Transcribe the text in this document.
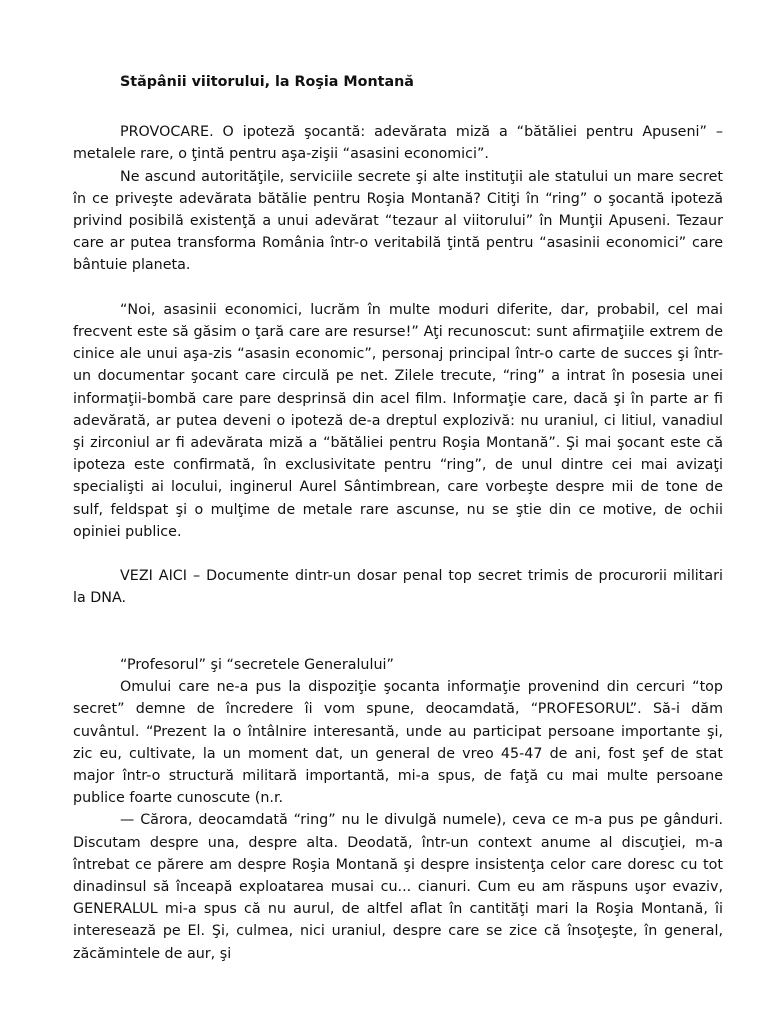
Stăpânii viitorului, la Roşia Montană

PROVOCARE. O ipoteză şocantă: adevărata miză a “bătăliei pentru Apuseni” – metalele rare, o ţintă pentru aşa-zişii “asasini economici”.

Ne ascund autorităţile, serviciile secrete şi alte instituţii ale statului un mare secret în ce priveşte adevărata bătălie pentru Roşia Montană? Citiţi în “ring” o şocantă ipoteză privind posibilă existenţă a unui adevărat “tezaur al viitorului” în Munţii Apuseni. Tezaur care ar putea transforma România într-o veritabilă ţintă pentru “asasinii economici” care bântuie planeta.

“Noi, asasinii economici, lucrăm în multe moduri diferite, dar, probabil, cel mai frecvent este să găsim o ţară care are resurse!” Aţi recunoscut: sunt afirmaţiile extrem de cinice ale unui aşa-zis “asasin economic”, personaj principal într-o carte de succes şi într-un documentar şocant care circulă pe net. Zilele trecute, “ring” a intrat în posesia unei informaţii-bombă care pare desprinsă din acel film. Informaţie care, dacă şi în parte ar fi adevărată, ar putea deveni o ipoteză de-a dreptul explozivă: nu uraniul, ci litiul, vanadiul şi zirconiul ar fi adevărata miză a “bătăliei pentru Roşia Montană”. Şi mai şocant este că ipoteza este confirmată, în exclusivitate pentru “ring”, de unul dintre cei mai avizaţi specialişti ai locului, inginerul Aurel Sântimbrean, care vorbeşte despre mii de tone de sulf, feldspat şi o mulţime de metale rare ascunse, nu se ştie din ce motive, de ochii opiniei publice.

VEZI AICI – Documente dintr-un dosar penal top secret trimis de procurorii militari la DNA.

“Profesorul” şi “secretele Generalului”

Omului care ne-a pus la dispoziţie şocanta informaţie provenind din cercuri “top secret” demne de încredere îi vom spune, deocamdată, “PROFESORUL”. Să-i dăm cuvântul. “Prezent la o întâlnire interesantă, unde au participat persoane importante şi, zic eu, cultivate, la un moment dat, un general de vreo 45-47 de ani, fost şef de stat major într-o structură militară importantă, mi-a spus, de faţă cu mai multe persoane publice foarte cunoscute (n.r.

— Cărora, deocamdată “ring” nu le divulgă numele), ceva ce m-a pus pe gânduri. Discutam despre una, despre alta. Deodată, într-un context anume al discuţiei, m-a întrebat ce părere am despre Roşia Montană şi despre insistenţa celor care doresc cu tot dinadinsul să înceapă exploatarea musai cu... cianuri. Cum eu am răspuns uşor evaziv, GENERALUL mi-a spus că nu aurul, de altfel aflat în cantităţi mari la Roşia Montană, îi interesează pe El. Şi, culmea, nici uraniul, despre care se zice că însoţeşte, în general, zăcămintele de aur, şi
